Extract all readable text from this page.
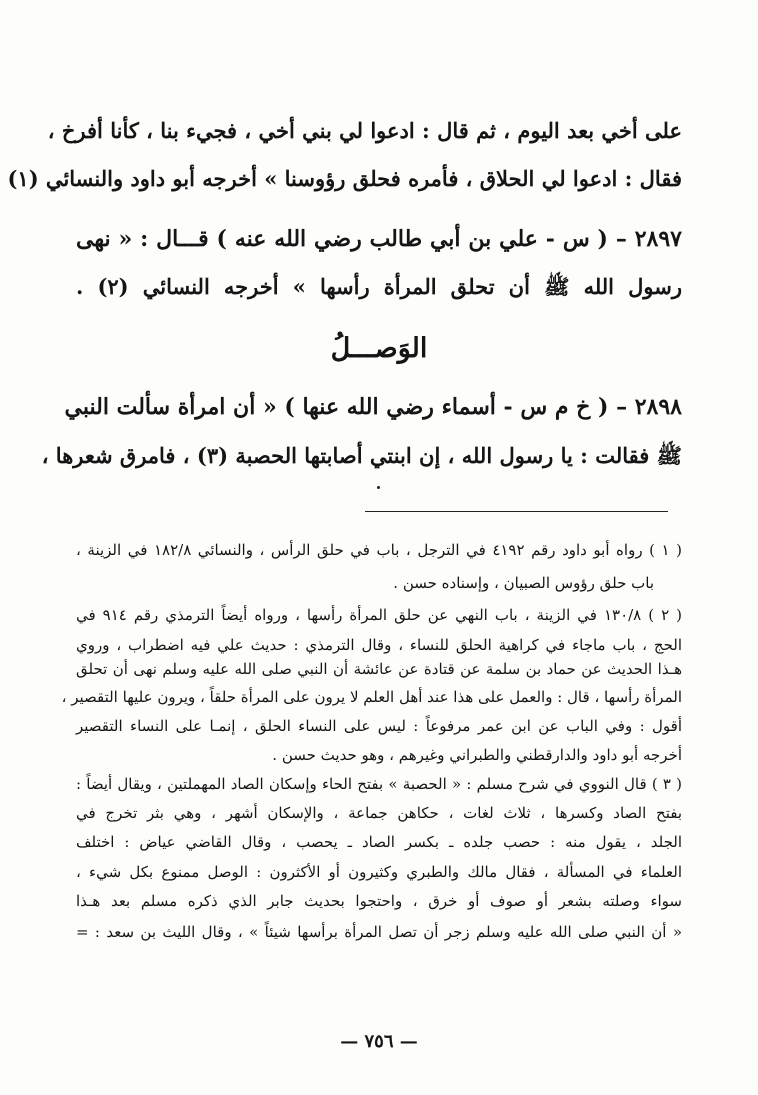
على أخي بعد اليوم ، ثم قال : ادعوا لي بني أخي ، فجيء بنا ، كأنا أفرخ ،
فقال : ادعوا لي الحلاق ، فأمره فحلق رؤوسنا » أخرجه أبو داود والنسائي (١)
٢٨٩٧ – ( س - علي بن أبي طالب رضي الله عنه ) قـــال : « نهى
رسول الله ﷺ أن تحلق المرأة رأسها » أخرجه النسائي (٢) .
الوَصـــلُ
٢٨٩٨ – ( خ م س - أسماء رضي الله عنها ) « أن امرأة سألت النبي
ﷺ فقالت : يا رسول الله ، إن ابنتي أصابتها الحصبة (٣) ، فامرق شعرها ،
( ١ ) رواه أبو داود رقم ٤١٩٢ في الترجل ، باب في حلق الرأس ، والنسائي ١٨٢/٨ في الزينة ،
باب حلق رؤوس الصبيان ، وإسناده حسن .
( ٢ ) ١٣٠/٨ في الزينة ، باب النهي عن حلق المرأة رأسها ، ورواه أيضاً الترمذي رقم ٩١٤ في
الحج ، باب ماجاء في كراهية الحلق للنساء ، وقال الترمذي : حديث علي فيه اضطراب ، وروي
هـذا الحديث عن حماد بن سلمة عن قتادة عن عائشة أن النبي صلى الله عليه وسلم نهى أن تحلق
المرأة رأسها ، قال : والعمل على هذا عند أهل العلم لا يرون على المرأة حلقاً ، ويرون عليها التقصير ،
أقول : وفي الباب عن ابن عمر مرفوعاً : ليس على النساء الحلق ، إنمـا على النساء التقصير
أخرجه أبو داود والدارقطني والطبراني وغيرهم ، وهو حديث حسن .
( ٣ ) قال النووي في شرح مسلم : « الحصبة » بفتح الحاء وإسكان الصاد المهملتين ، ويقال أيضاً :
بفتح الصاد وكسرها ، ثلاث لغات ، حكاهن جماعة ، والإسكان أشهر ، وهي بثر تخرج في
الجلد ، يقول منه : حصب جلده ـ بكسر الصاد ـ يحصب ، وقال القاضي عياض : اختلف
العلماء في المسألة ، فقال مالك والطبري وكثيرون أو الأكثرون : الوصل ممنوع بكل شيء ،
سواء وصلته بشعر أو صوف أو خرق ، واحتجوا بحديث جابر الذي ذكره مسلم بعد هـذا
« أن النبي صلى الله عليه وسلم زجر أن تصل المرأة برأسها شيئاً » ، وقال الليث بن سعد : =
— ٧٥٦ —
